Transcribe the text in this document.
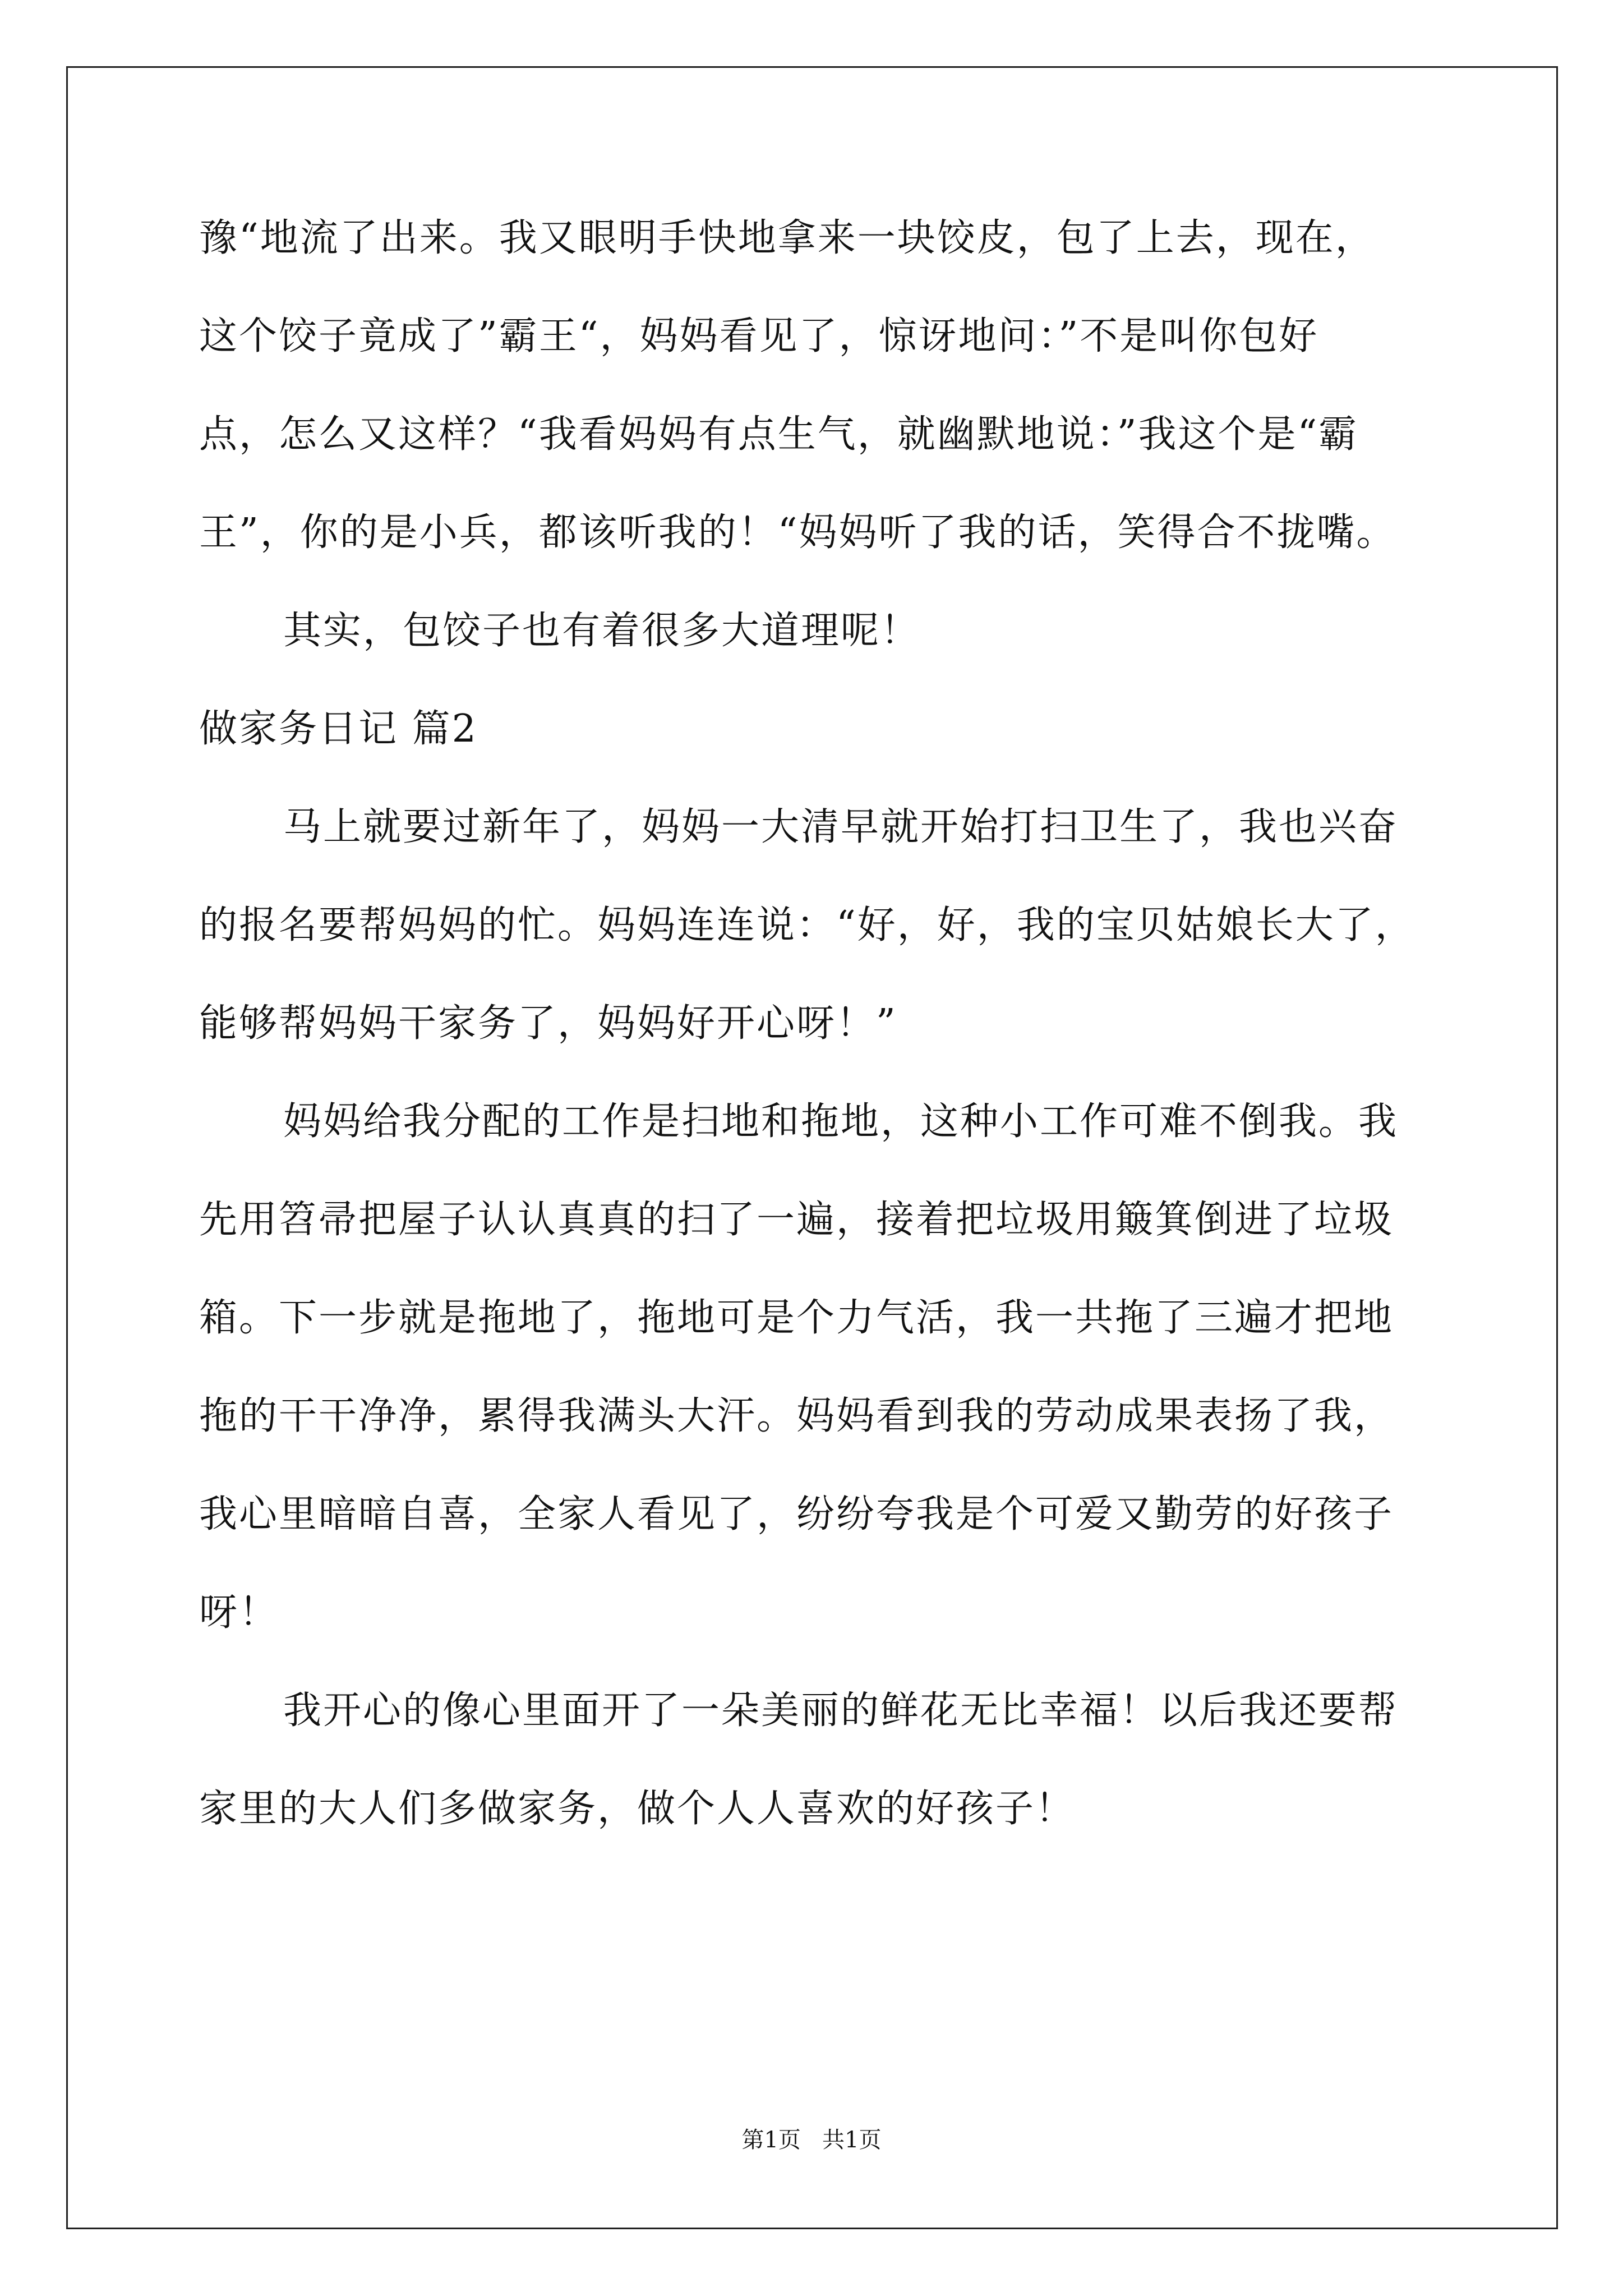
豫“地流了出来。我又眼明手快地拿来一块饺皮，包了上去，现在，
这个饺子竟成了”霸王“，妈妈看见了，惊讶地问：”不是叫你包好
点，怎么又这样？“我看妈妈有点生气，就幽默地说：”我这个是“霸
王”，你的是小兵，都该听我的！“妈妈听了我的话，笑得合不拢嘴。
其实，包饺子也有着很多大道理呢！
做家务日记 篇2
马上就要过新年了，妈妈一大清早就开始打扫卫生了，我也兴奋
的报名要帮妈妈的忙。妈妈连连说：“好，好，我的宝贝姑娘长大了，
能够帮妈妈干家务了，妈妈好开心呀！”
妈妈给我分配的工作是扫地和拖地，这种小工作可难不倒我。我
先用笤帚把屋子认认真真的扫了一遍，接着把垃圾用簸箕倒进了垃圾
箱。下一步就是拖地了，拖地可是个力气活，我一共拖了三遍才把地
拖的干干净净，累得我满头大汗。妈妈看到我的劳动成果表扬了我，
我心里暗暗自喜，全家人看见了，纷纷夸我是个可爱又勤劳的好孩子
呀！
我开心的像心里面开了一朵美丽的鲜花无比幸福！以后我还要帮
家里的大人们多做家务，做个人人喜欢的好孩子！
第1页   共1页
